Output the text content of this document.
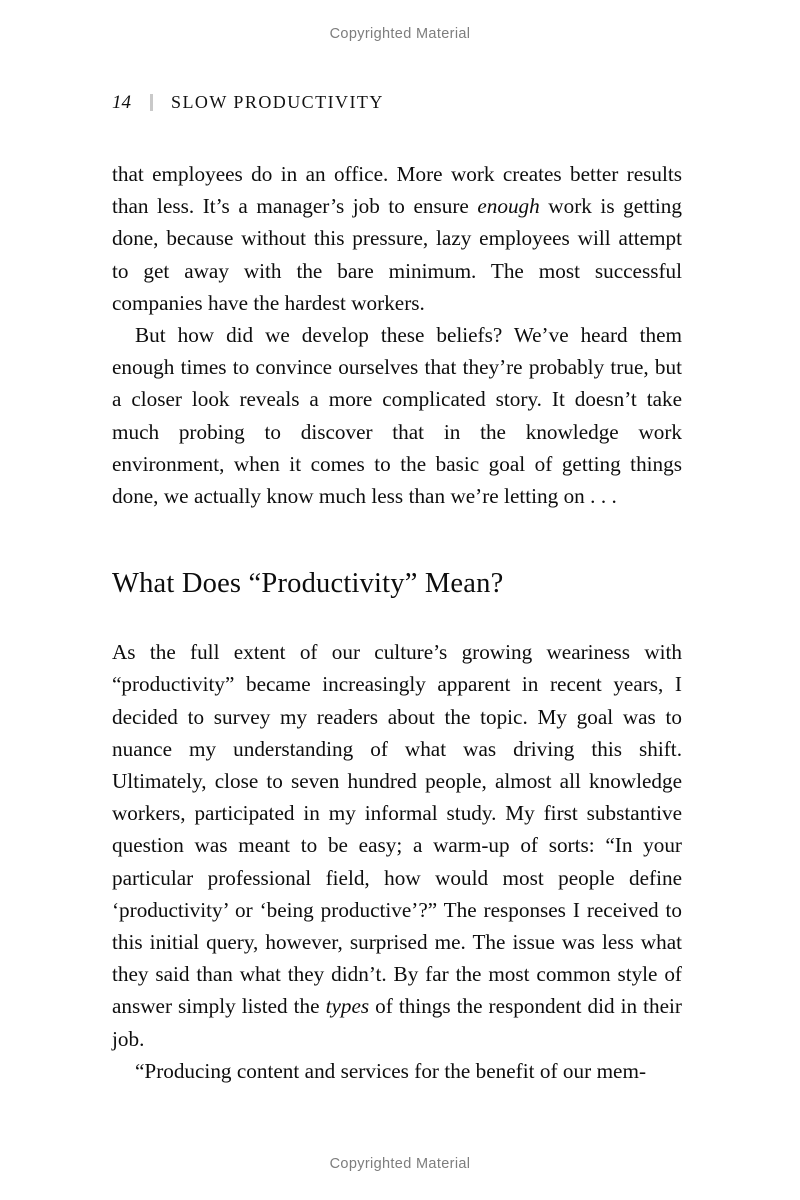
Copyrighted Material
14 SLOW PRODUCTIVITY

that employees do in an office. More work creates better results than less. It’s a manager’s job to ensure enough work is getting done, because without this pressure, lazy employees will attempt to get away with the bare minimum. The most successful companies have the hardest workers.

But how did we develop these beliefs? We’ve heard them enough times to convince ourselves that they’re probably true, but a closer look reveals a more complicated story. It doesn’t take much probing to discover that in the knowledge work environment, when it comes to the basic goal of getting things done, we actually know much less than we’re letting on . . .

What Does “Productivity” Mean?

As the full extent of our culture’s growing weariness with “productivity” became increasingly apparent in recent years, I decided to survey my readers about the topic. My goal was to nuance my understanding of what was driving this shift. Ultimately, close to seven hundred people, almost all knowledge workers, participated in my informal study. My first substantive question was meant to be easy; a warm-up of sorts: “In your particular professional field, how would most people define ‘productivity’ or ‘being productive’?” The responses I received to this initial query, however, surprised me. The issue was less what they said than what they didn’t. By far the most common style of answer simply listed the types of things the respondent did in their job.

“Producing content and services for the benefit of our mem-

Copyrighted Material
